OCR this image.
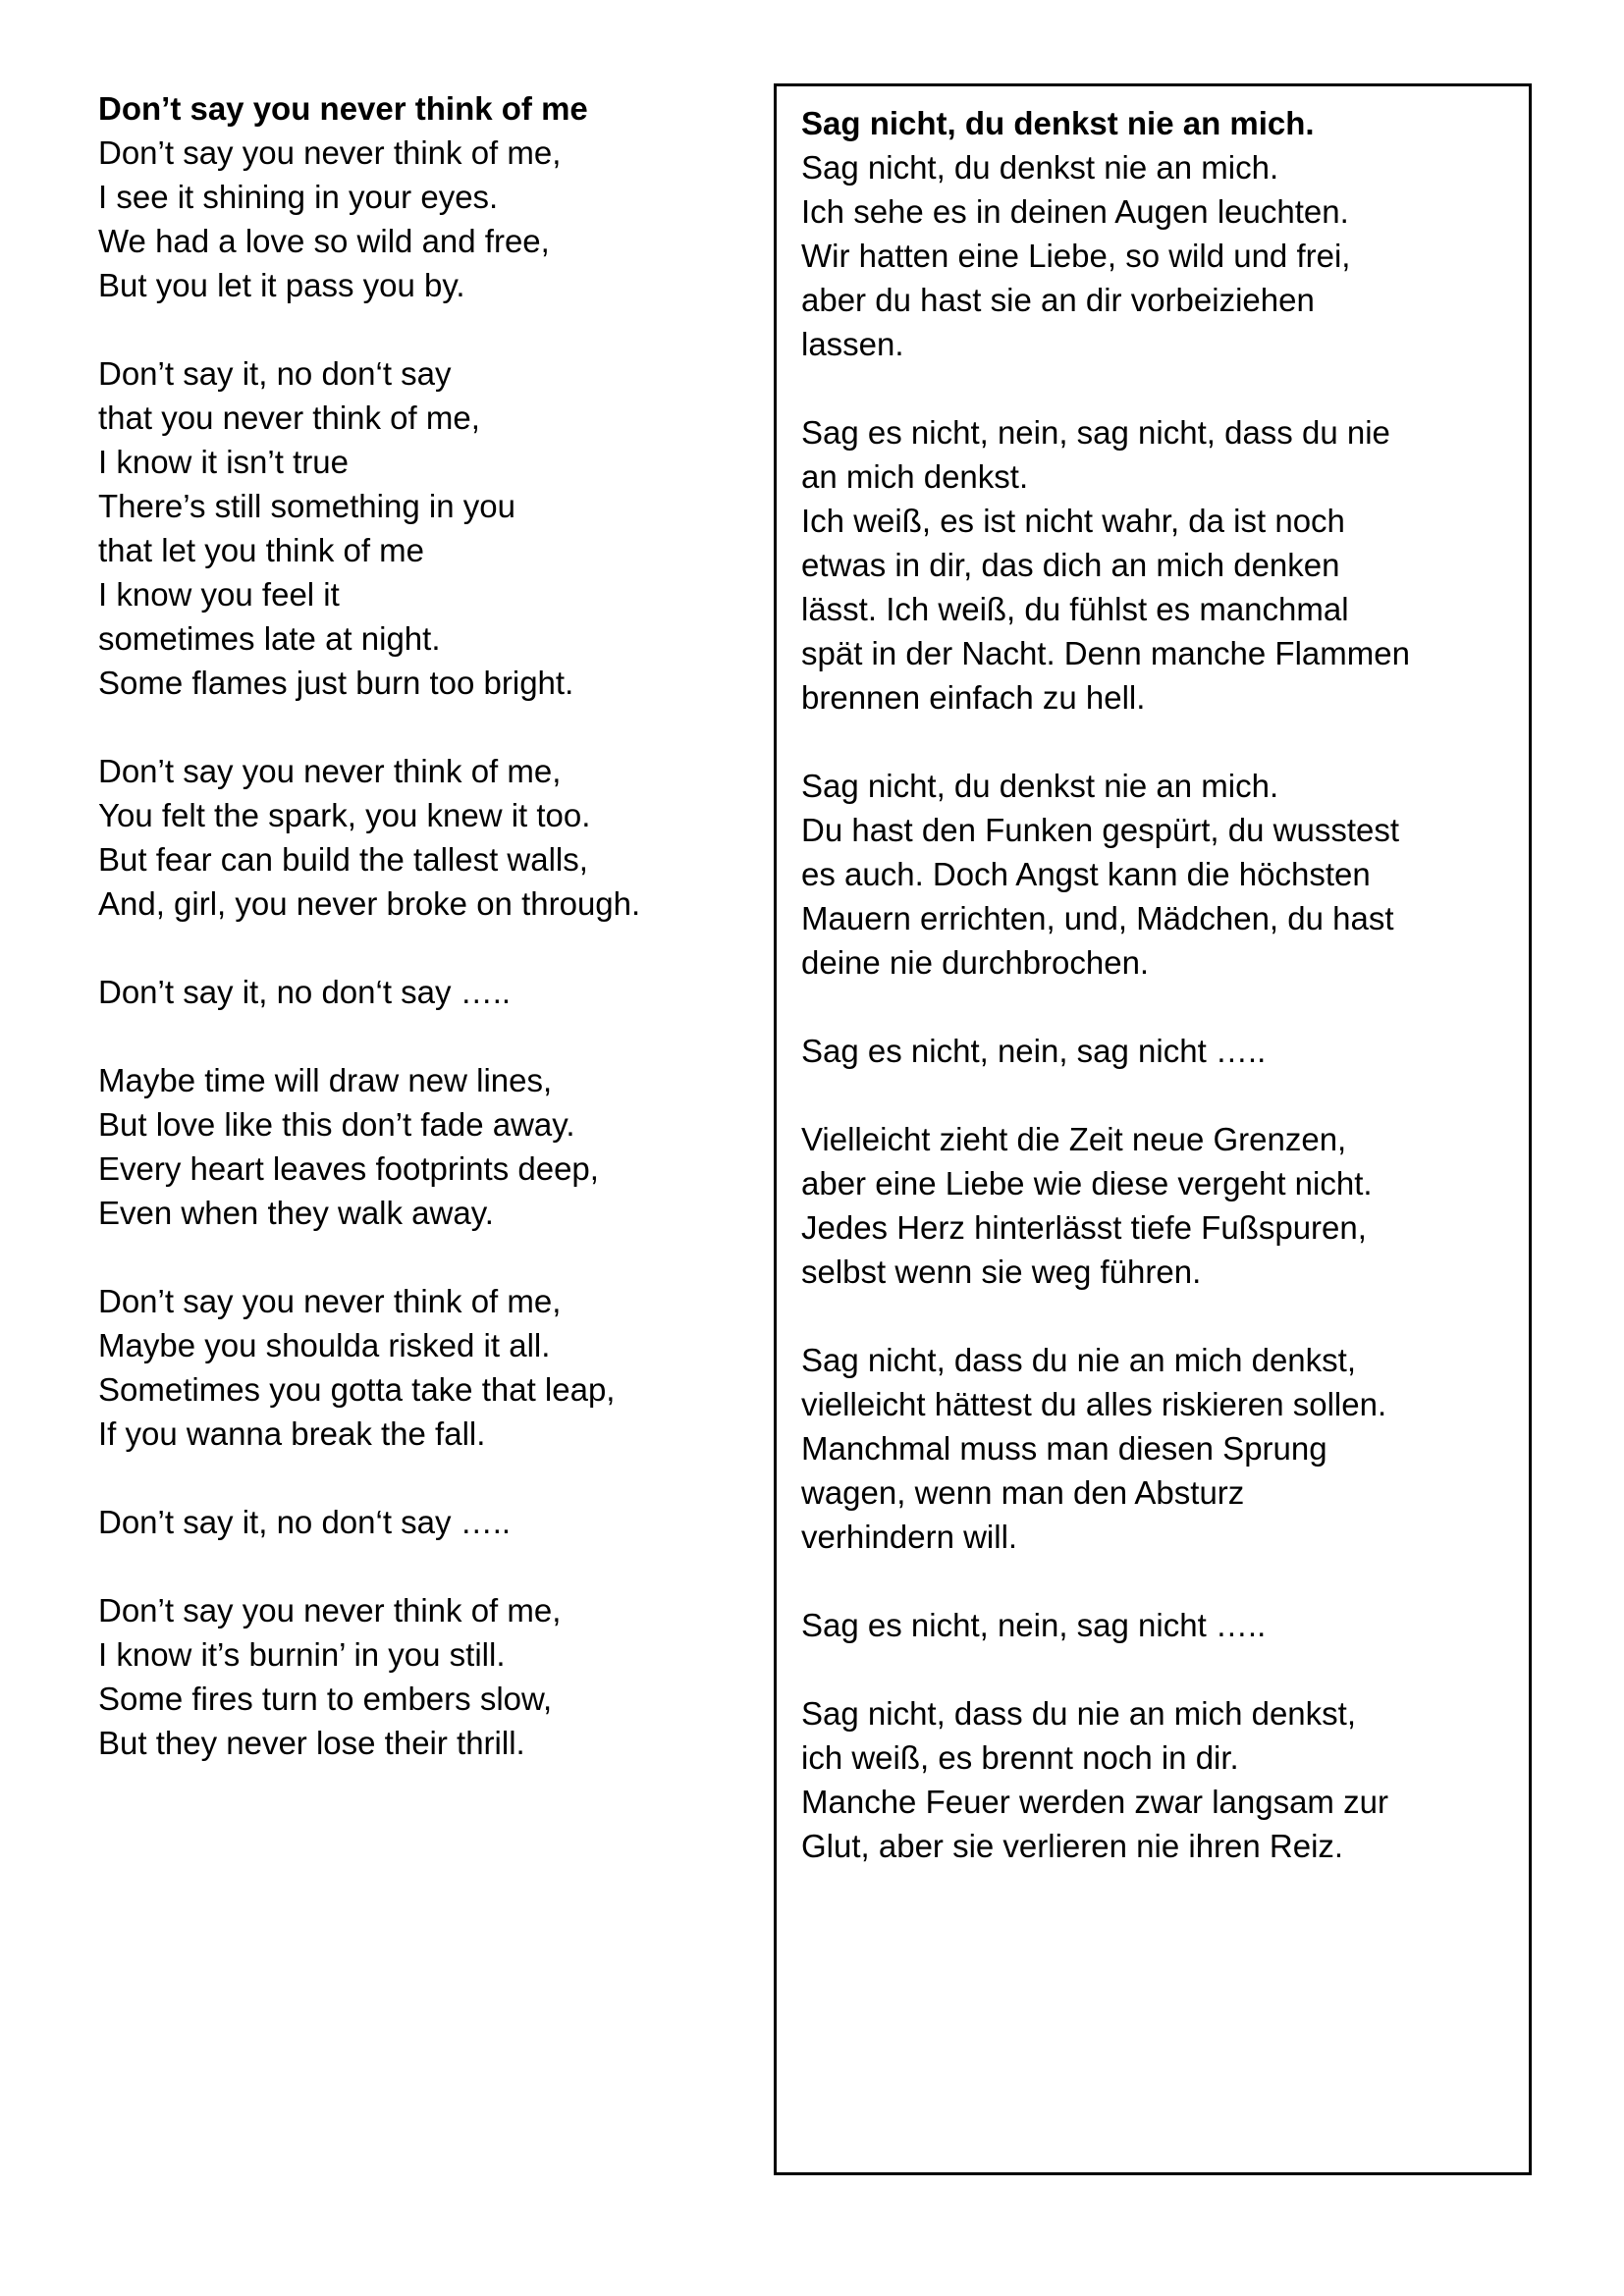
Don’t say you never think of me
Don’t say you never think of me,
I see it shining in your eyes.
We had a love so wild and free,
But you let it pass you by.
Don’t say it, no don‘t say
that you never think of me,
I know it isn’t true
There’s still something in you
that let you think of me
I know you feel it
sometimes late at night.
Some flames just burn too bright.
Don’t say you never think of me,
You felt the spark, you knew it too.
But fear can build the tallest walls,
And, girl, you never broke on through.
Don’t say it, no don‘t say …..
Maybe time will draw new lines,
But love like this don’t fade away.
Every heart leaves footprints deep,
Even when they walk away.
Don’t say you never think of me,
Maybe you shoulda risked it all.
Sometimes you gotta take that leap,
If you wanna break the fall.
Don’t say it, no don‘t say …..
Don’t say you never think of me,
I know it’s burnin’ in you still.
Some fires turn to embers slow,
But they never lose their thrill.
Sag nicht, du denkst nie an mich.
Sag nicht, du denkst nie an mich.
Ich sehe es in deinen Augen leuchten.
Wir hatten eine Liebe, so wild und frei,
aber du hast sie an dir vorbeiziehen
lassen.
Sag es nicht, nein, sag nicht, dass du nie
an mich denkst.
Ich weiß, es ist nicht wahr, da ist noch
etwas in dir, das dich an mich denken
lässt. Ich weiß, du fühlst es manchmal
spät in der Nacht. Denn manche Flammen
brennen einfach zu hell.
Sag nicht, du denkst nie an mich.
Du hast den Funken gespürt, du wusstest
es auch. Doch Angst kann die höchsten
Mauern errichten, und, Mädchen, du hast
deine nie durchbrochen.
Sag es nicht, nein, sag nicht …..
Vielleicht zieht die Zeit neue Grenzen,
aber eine Liebe wie diese vergeht nicht.
Jedes Herz hinterlässt tiefe Fußspuren,
selbst wenn sie weg führen.
Sag nicht, dass du nie an mich denkst,
vielleicht hättest du alles riskieren sollen.
Manchmal muss man diesen Sprung
wagen, wenn man den Absturz
verhindern will.
Sag es nicht, nein, sag nicht …..
Sag nicht, dass du nie an mich denkst,
ich weiß, es brennt noch in dir.
Manche Feuer werden zwar langsam zur
Glut, aber sie verlieren nie ihren Reiz.
